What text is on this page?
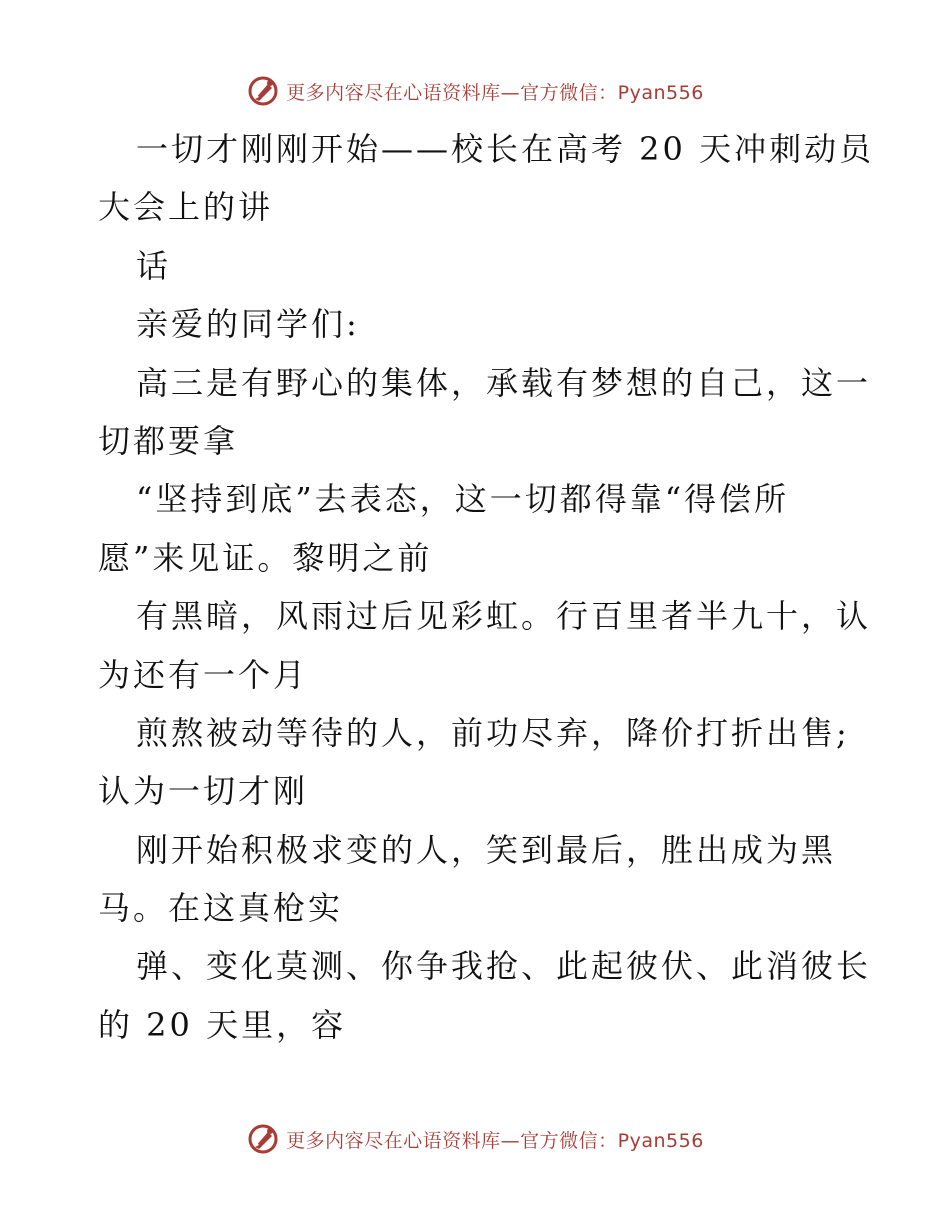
更多内容尽在心语资料库—官方微信：Pyan556
一切才刚刚开始——校长在高考 20 天冲刺动员
大会上的讲
话
亲爱的同学们:
高三是有野心的集体，承载有梦想的自己，这一
切都要拿
“坚持到底”去表态，这一切都得靠“得偿所
愿”来见证。黎明之前
有黑暗，风雨过后见彩虹。行百里者半九十，认
为还有一个月
煎熬被动等待的人，前功尽弃，降价打折出售;
认为一切才刚
刚开始积极求变的人，笑到最后，胜出成为黑
马。在这真枪实
弹、变化莫测、你争我抢、此起彼伏、此消彼长
的 20 天里，容
更多内容尽在心语资料库—官方微信：Pyan556
